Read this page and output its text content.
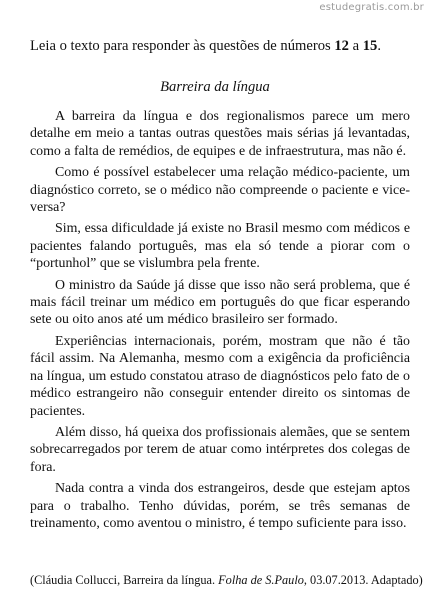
estudegratis.com.br
Leia o texto para responder às questões de números 12 a 15.
Barreira da língua

A barreira da língua e dos regionalismos parece um mero detalhe em meio a tantas outras questões mais sérias já levantadas, como a falta de remédios, de equipes e de infraestrutura, mas não é.

Como é possível estabelecer uma relação médico-paciente, um diagnóstico correto, se o médico não compreende o paciente e vice-versa?

Sim, essa dificuldade já existe no Brasil mesmo com médicos e pacientes falando português, mas ela só tende a piorar com o “portunhol” que se vislumbra pela frente.

O ministro da Saúde já disse que isso não será problema, que é mais fácil treinar um médico em português do que ficar esperando sete ou oito anos até um médico brasileiro ser formado.

Experiências internacionais, porém, mostram que não é tão fácil assim. Na Alemanha, mesmo com a exigência da proficiência na língua, um estudo constatou atraso de diagnósticos pelo fato de o médico estrangeiro não conseguir entender direito os sintomas de pacientes.

Além disso, há queixa dos profissionais alemães, que se sentem sobrecarregados por terem de atuar como intérpretes dos colegas de fora.

Nada contra a vinda dos estrangeiros, desde que estejam aptos para o trabalho. Tenho dúvidas, porém, se três semanas de treinamento, como aventou o ministro, é tempo suficiente para isso.

(Cláudia Collucci, Barreira da língua. Folha de S.Paulo, 03.07.2013. Adaptado)
